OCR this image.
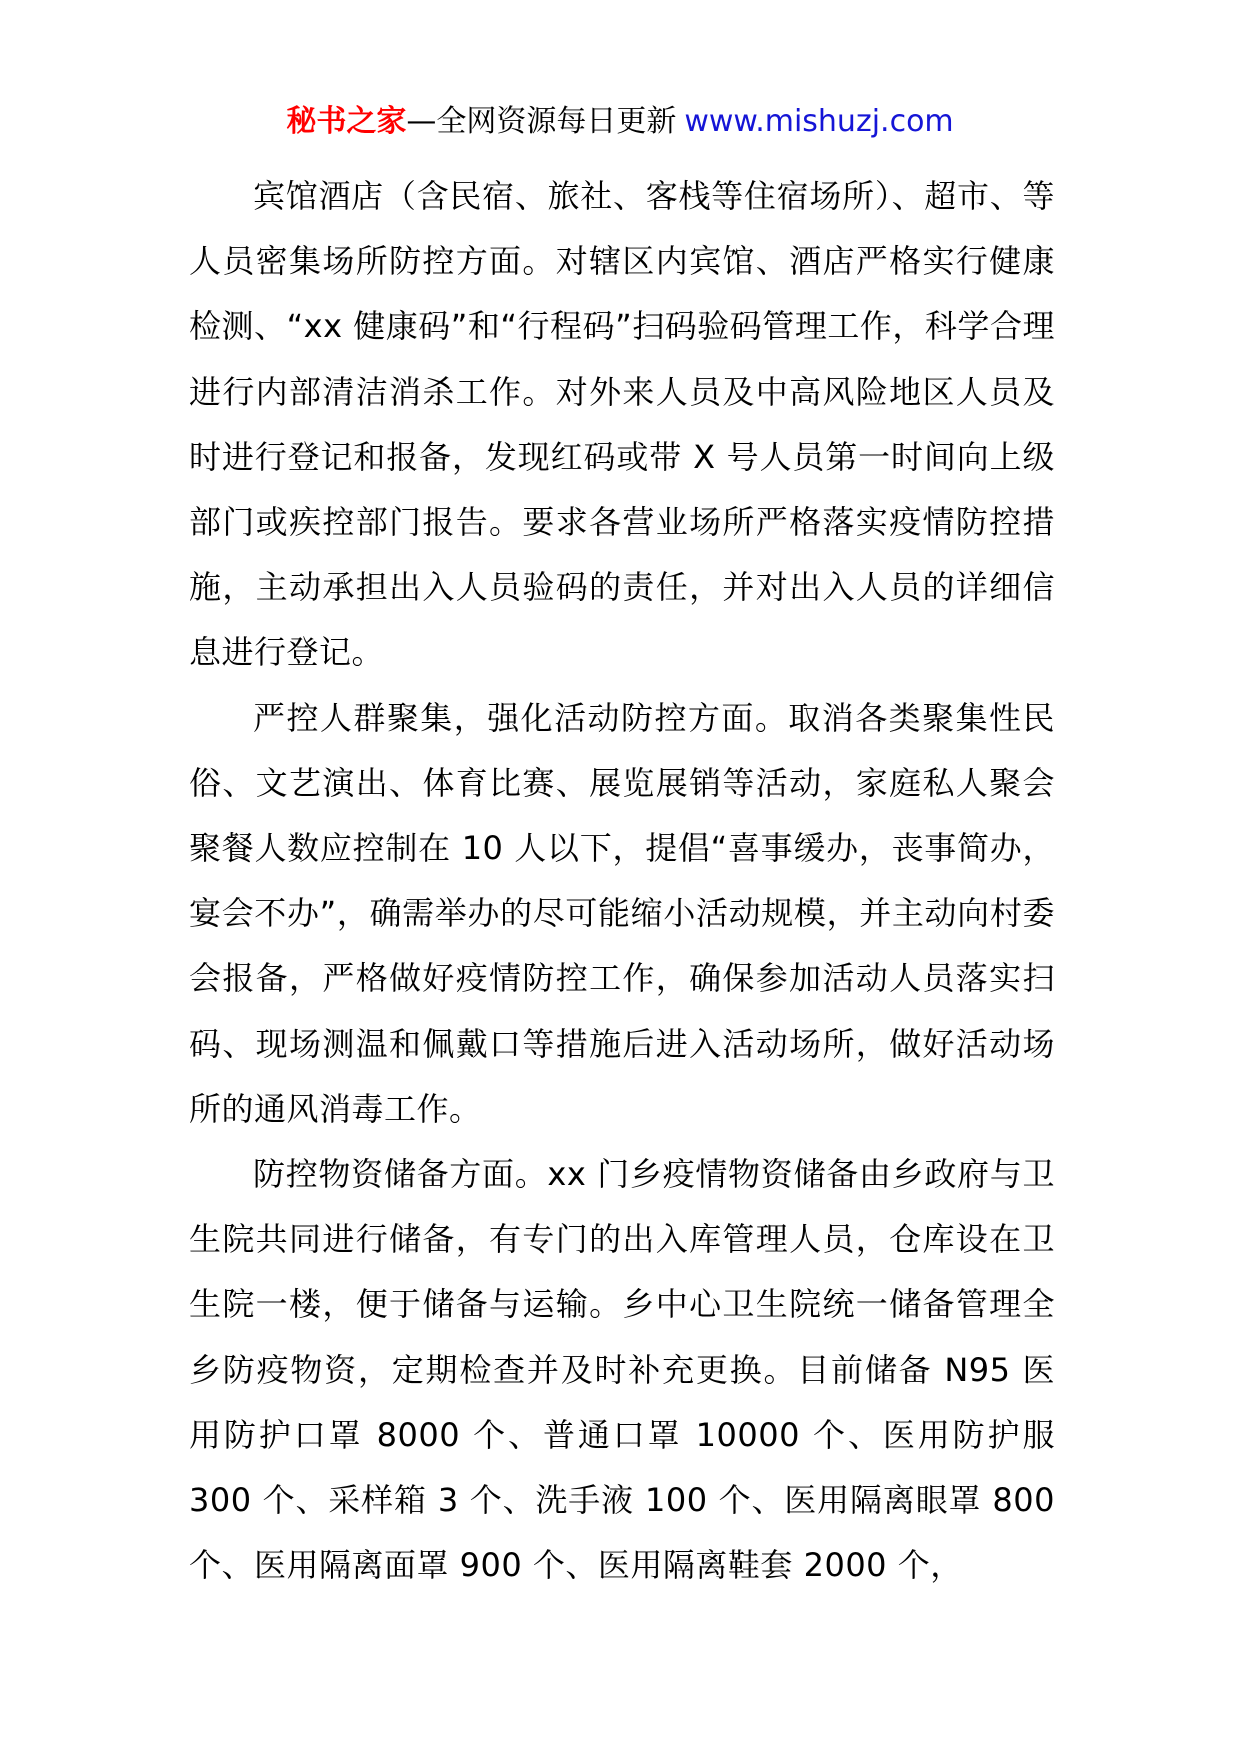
秘书之家—全网资源每日更新 www.mishuzj.com

宾馆酒店（含民宿、旅社、客栈等住宿场所）、超市、等人员密集场所防控方面。对辖区内宾馆、酒店严格实行健康检测、“xx 健康码”和“行程码”扫码验码管理工作，科学合理进行内部清洁消杀工作。对外来人员及中高风险地区人员及时进行登记和报备，发现红码或带 X 号人员第一时间向上级部门或疾控部门报告。要求各营业场所严格落实疫情防控措施，主动承担出入人员验码的责任，并对出入人员的详细信息进行登记。

严控人群聚集，强化活动防控方面。取消各类聚集性民俗、文艺演出、体育比赛、展览展销等活动，家庭私人聚会聚餐人数应控制在 10 人以下，提倡“喜事缓办，丧事简办，宴会不办”，确需举办的尽可能缩小活动规模，并主动向村委会报备，严格做好疫情防控工作，确保参加活动人员落实扫码、现场测温和佩戴口等措施后进入活动场所，做好活动场所的通风消毒工作。

防控物资储备方面。xx 门乡疫情物资储备由乡政府与卫生院共同进行储备，有专门的出入库管理人员，仓库设在卫生院一楼，便于储备与运输。乡中心卫生院统一储备管理全乡防疫物资，定期检查并及时补充更换。目前储备 N95 医用防护口罩 8000 个、普通口罩 10000 个、医用防护服 300 个、采样箱 3 个、洗手液 100 个、医用隔离眼罩 800 个、医用隔离面罩 900 个、医用隔离鞋套 2000 个，
